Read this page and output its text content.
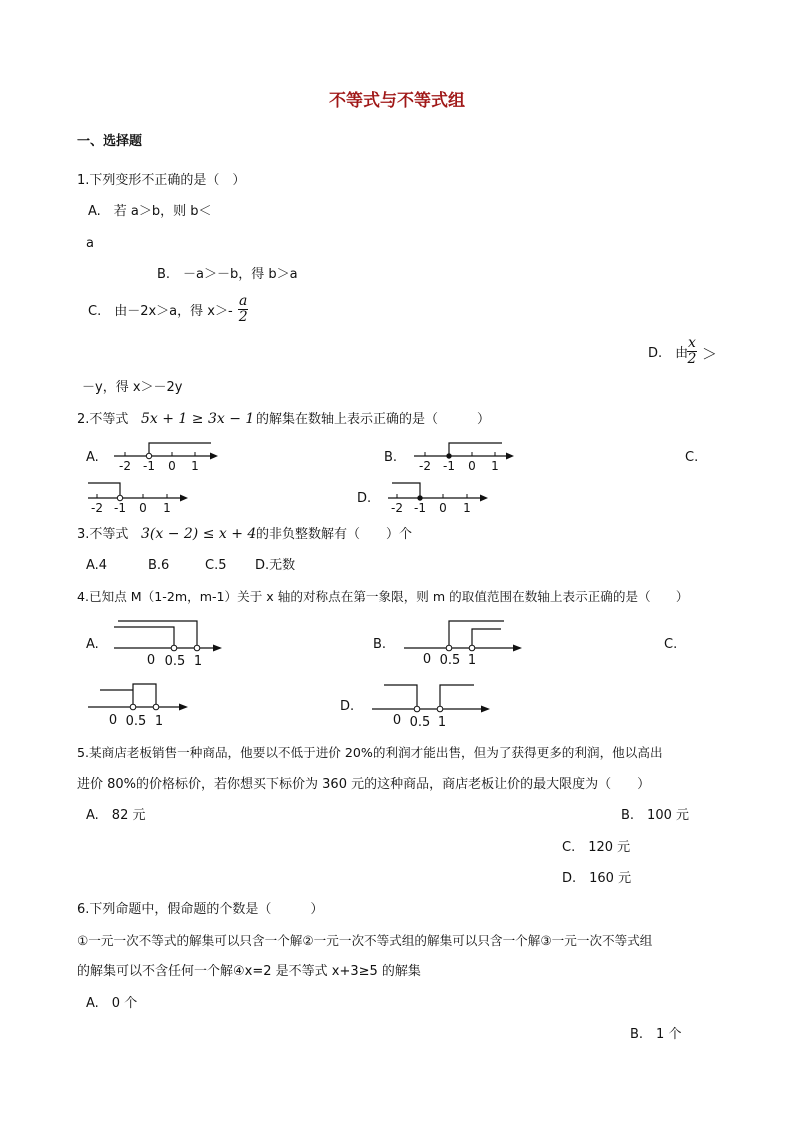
不等式与不等式组
一、选择题
1.下列变形不正确的是（　）
A.　若 a＞b，则 b＜
a
B.　－a＞－b，得 b＞a
C.　由－2x＞a，得 $x>- \frac{a}{2}$
D.　由
$\frac{x}{2}$ ＞
－y，得 x＞－2y
2.不等式 5x + 1 ≥ 3x − 1 的解集在数轴上表示正确的是（　　　）
A.
-2 -1 0 1
B.
-2 -1 0 1
C.
-2 -1 0 1
D.
-2 -1 0 1
3.不等式 3(x − 2) ≤ x + 4 的非负整数解有（　　）个
A.4	B.6	C.5 D.无数
4.已知点 M（1-2m，m-1）关于 x 轴的对称点在第一象限，则 m 的取值范围在数轴上表示正确的是（　　）
A.
0 0.5 1
B.
0 0.5 1
C.
0 0.5 1
D.
0 0.5 1
5.某商店老板销售一种商品，他要以不低于进价 20%的利润才能出售，但为了获得更多的利润，他以高出
进价 80%的价格标价，若你想买下标价为 360 元的这种商品，商店老板让价的最大限度为（　　）
A.　82 元	B.　100 元
C.　120 元
D.　160 元
6.下列命题中，假命题的个数是（　　　）
①一元一次不等式的解集可以只含一个解②一元一次不等式组的解集可以只含一个解③一元一次不等式组
的解集可以不含任何一个解④x=2 是不等式 x+3≥5 的解集
A.　0 个
B.　1 个
